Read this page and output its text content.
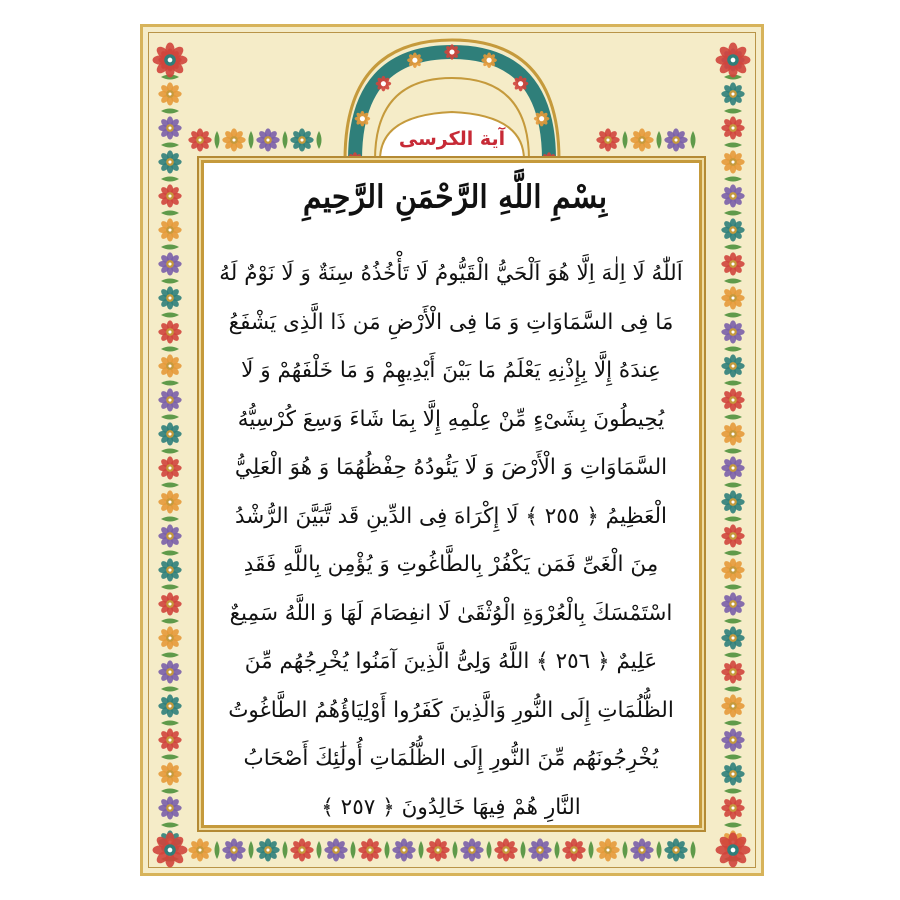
آية الكرسى
بِسْمِ اللَّهِ الرَّحْمَنِ الرَّحِيمِ
اَللّٰهُ لَا اِلٰهَ اِلَّا هُوَ اَلْحَيُّ الْقَيُّومُ لَا تَأْخُذُهُ سِنَةٌ وَ لَا نَوْمٌ لَهُ
مَا فِى السَّمَاوَاتِ وَ مَا فِى الْأَرْضِ مَن ذَا الَّذِى يَشْفَعُ
عِندَهُ إِلَّا بِإِذْنِهِ يَعْلَمُ مَا بَيْنَ أَيْدِيهِمْ وَ مَا خَلْفَهُمْ وَ لَا
يُحِيطُونَ بِشَىْءٍ مِّنْ عِلْمِهِ إِلَّا بِمَا شَاءَ وَسِعَ كُرْسِيُّهُ
السَّمَاوَاتِ وَ الْأَرْضَ وَ لَا يَئُودُهُ حِفْظُهُمَا وَ هُوَ الْعَلِيُّ
الْعَظِيمُ ﴿ ٢٥٥ ﴾ لَا إِكْرَاهَ فِى الدِّينِ قَد تَّبَيَّنَ الرُّشْدُ
مِنَ الْغَىِّ فَمَن يَكْفُرْ بِالطَّاغُوتِ وَ يُؤْمِن بِاللَّهِ فَقَدِ
اسْتَمْسَكَ بِالْعُرْوَةِ الْوُثْقَىٰ لَا انفِصَامَ لَهَا وَ اللَّهُ سَمِيعٌ
عَلِيمٌ ﴿ ٢٥٦ ﴾ اللَّهُ وَلِىُّ الَّذِينَ آمَنُوا يُخْرِجُهُم مِّنَ
الظُّلُمَاتِ إِلَى النُّورِ وَالَّذِينَ كَفَرُوا أَوْلِيَاؤُهُمُ الطَّاغُوتُ
يُخْرِجُونَهُم مِّنَ النُّورِ إِلَى الظُّلُمَاتِ أُولَٰئِكَ أَصْحَابُ
النَّارِ هُمْ فِيهَا خَالِدُونَ ﴿ ٢٥٧ ﴾
